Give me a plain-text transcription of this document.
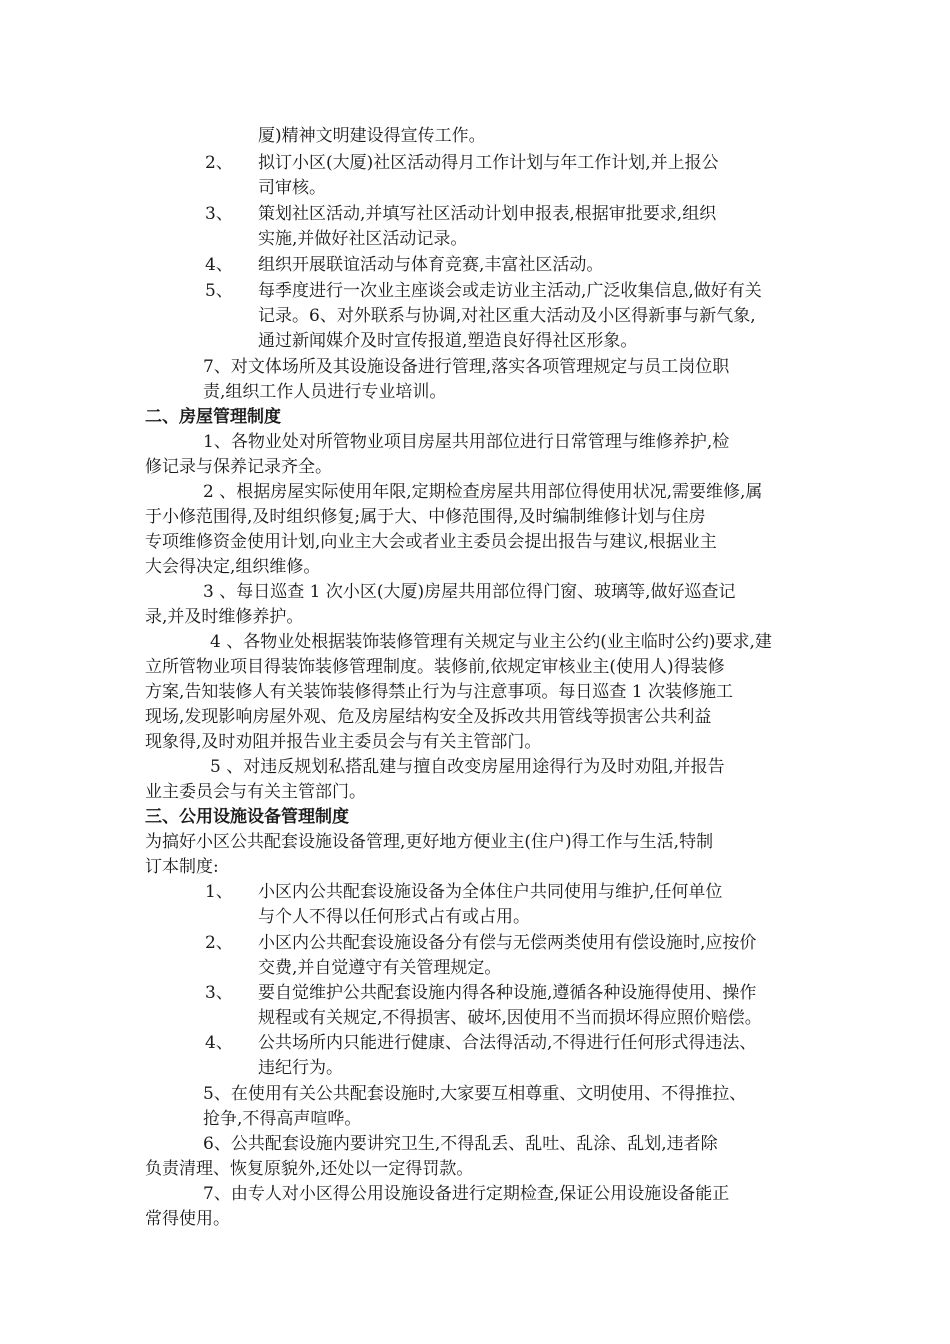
厦)精神文明建设得宣传工作。
2、 拟订小区(大厦)社区活动得月工作计划与年工作计划,并上报公
司审核。
3、 策划社区活动,并填写社区活动计划申报表,根据审批要求,组织
实施,并做好社区活动记录。
4、 组织开展联谊活动与体育竞赛,丰富社区活动。
5、 每季度进行一次业主座谈会或走访业主活动,广泛收集信息,做好有关
记录。6、对外联系与协调,对社区重大活动及小区得新事与新气象,
通过新闻媒介及时宣传报道,塑造良好得社区形象。
7、对文体场所及其设施设备进行管理,落实各项管理规定与员工岗位职
责,组织工作人员进行专业培训。
二、房屋管理制度
1、各物业处对所管物业项目房屋共用部位进行日常管理与维修养护,检
修记录与保养记录齐全。
2 、根据房屋实际使用年限,定期检查房屋共用部位得使用状况,需要维修,属
于小修范围得,及时组织修复;属于大、中修范围得,及时编制维修计划与住房
专项维修资金使用计划,向业主大会或者业主委员会提出报告与建议,根据业主
大会得决定,组织维修。
3 、每日巡查 1 次小区(大厦)房屋共用部位得门窗、玻璃等,做好巡查记
录,并及时维修养护。
4 、各物业处根据装饰装修管理有关规定与业主公约(业主临时公约)要求,建
立所管物业项目得装饰装修管理制度。装修前,依规定审核业主(使用人)得装修
方案,告知装修人有关装饰装修得禁止行为与注意事项。每日巡查 1 次装修施工
现场,发现影响房屋外观、危及房屋结构安全及拆改共用管线等损害公共利益
现象得,及时劝阻并报告业主委员会与有关主管部门。
5 、对违反规划私搭乱建与擅自改变房屋用途得行为及时劝阻,并报告
业主委员会与有关主管部门。
三、公用设施设备管理制度
为搞好小区公共配套设施设备管理,更好地方便业主(住户)得工作与生活,特制
订本制度:
1、 小区内公共配套设施设备为全体住户共同使用与维护,任何单位
与个人不得以任何形式占有或占用。
2、 小区内公共配套设施设备分有偿与无偿两类使用有偿设施时,应按价
交费,并自觉遵守有关管理规定。
3、 要自觉维护公共配套设施内得各种设施,遵循各种设施得使用、操作
规程或有关规定,不得损害、破坏,因使用不当而损坏得应照价赔偿。
4、 公共场所内只能进行健康、合法得活动,不得进行任何形式得违法、
违纪行为。
5、在使用有关公共配套设施时,大家要互相尊重、文明使用、不得推拉、
抢争,不得高声喧哗。
6、公共配套设施内要讲究卫生,不得乱丢、乱吐、乱涂、乱划,违者除
负责清理、恢复原貌外,还处以一定得罚款。
7、由专人对小区得公用设施设备进行定期检查,保证公用设施设备能正
常得使用。
